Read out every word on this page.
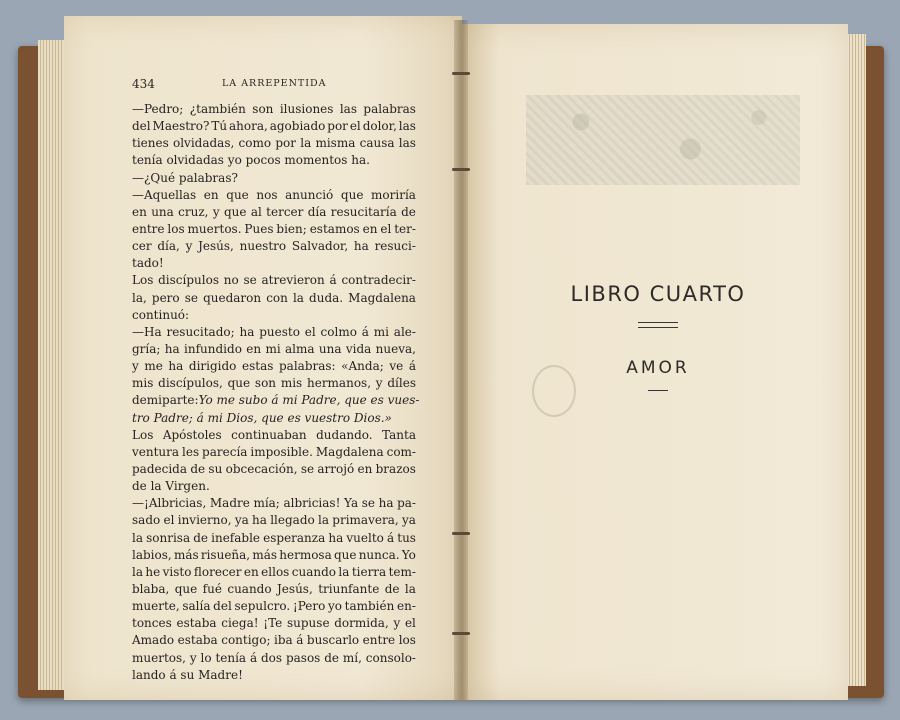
434	LA ARREPENTIDA
—Pedro; ¿también son ilusiones las palabras
del Maestro? Tú ahora, agobiado por el dolor, las
tienes olvidadas, como por la misma causa las
tenía olvidadas yo pocos momentos ha.
—¿Qué palabras?
—Aquellas en que nos anunció que moriría
en una cruz, y que al tercer día resucitaría de
entre los muertos. Pues bien; estamos en el ter-
cer día, y Jesús, nuestro Salvador, ha resuci-
tado!
Los discípulos no se atrevieron á contradecir-
la, pero se quedaron con la duda. Magdalena
continuó:
—Ha resucitado; ha puesto el colmo á mi ale-
gría; ha infundido en mi alma una vida nueva,
y me ha dirigido estas palabras: «Anda; ve á
mis discípulos, que son mis hermanos, y díles
de mi parte: Yo me subo á mi Padre, que es vues-
tro Padre; á mi Dios, que es vuestro Dios.»
Los Apóstoles continuaban dudando. Tanta
ventura les parecía imposible. Magdalena com-
padecida de su obcecación, se arrojó en brazos
de la Virgen.
—¡Albricias, Madre mía; albricias! Ya se ha pa-
sado el invierno, ya ha llegado la primavera, ya
la sonrisa de inefable esperanza ha vuelto á tus
labios, más risueña, más hermosa que nunca. Yo
la he visto florecer en ellos cuando la tierra tem-
blaba, que fué cuando Jesús, triunfante de la
muerte, salía del sepulcro. ¡Pero yo también en-
tonces estaba ciega! ¡Te supuse dormida, y el
Amado estaba contigo; iba á buscarlo entre los
muertos, y lo tenía á dos pasos de mí, consolo-
lando á su Madre!
LIBRO CUARTO
AMOR
